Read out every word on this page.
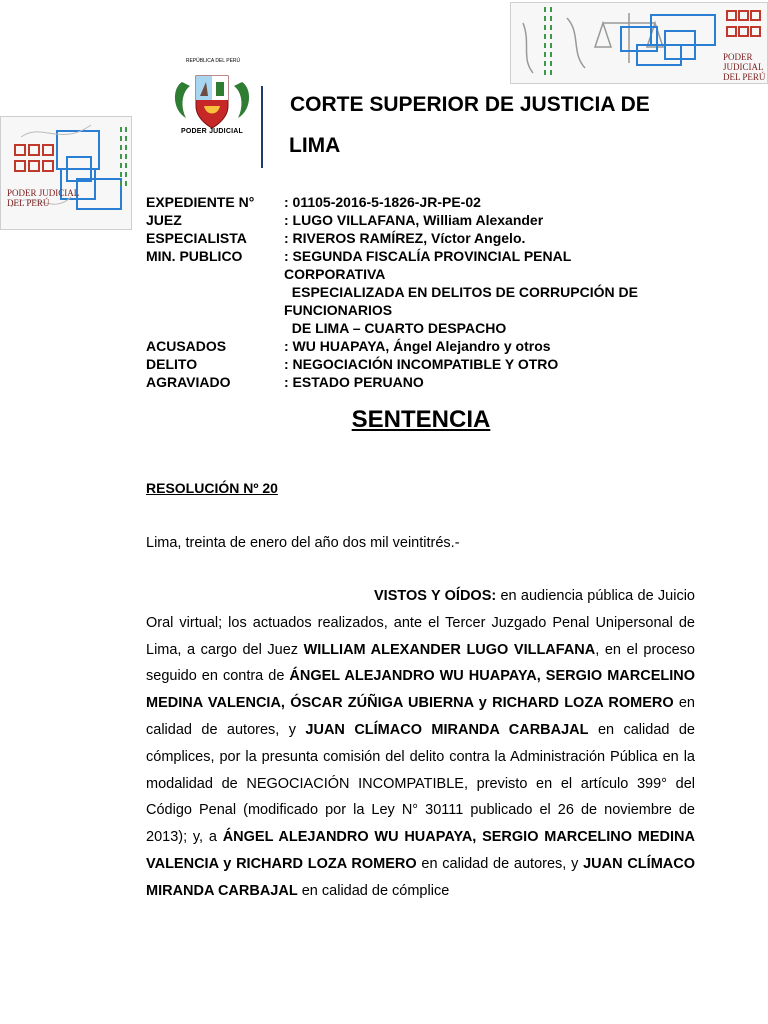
PODER JUDICIAL
DEL PERÚ
PODER JUDICIAL
DEL PERÚ
REPÚBLICA DEL PERÚ
PODER JUDICIAL
CORTE SUPERIOR DE JUSTICIA DE
LIMA
EXPEDIENTE N°	: 01105-2016-5-1826-JR-PE-02
JUEZ	: LUGO VILLAFANA, William Alexander
ESPECIALISTA	: RIVEROS RAMÍREZ, Víctor Angelo.
MIN. PUBLICO	: SEGUNDA FISCALÍA PROVINCIAL PENAL
CORPORATIVA
ESPECIALIZADA EN DELITOS DE CORRUPCIÓN DE
FUNCIONARIOS
DE LIMA – CUARTO DESPACHO
ACUSADOS	: WU HUAPAYA, Ángel Alejandro y otros
DELITO	: NEGOCIACIÓN INCOMPATIBLE Y OTRO
AGRAVIADO	: ESTADO PERUANO
SENTENCIA
RESOLUCIÓN Nº 20
Lima, treinta de enero del año dos mil veintitrés.-

VISTOS Y OÍDOS: en audiencia pública de Juicio Oral virtual; los actuados realizados, ante el Tercer Juzgado Penal Unipersonal de Lima, a cargo del Juez WILLIAM ALEXANDER LUGO VILLAFANA, en el proceso seguido en contra de ÁNGEL ALEJANDRO WU HUAPAYA, SERGIO MARCELINO MEDINA VALENCIA, ÓSCAR ZÚÑIGA UBIERNA y RICHARD LOZA ROMERO en calidad de autores, y JUAN CLÍMACO MIRANDA CARBAJAL en calidad de cómplices, por la presunta comisión del delito contra la Administración Pública en la modalidad de NEGOCIACIÓN INCOMPATIBLE, previsto en el artículo 399° del Código Penal (modificado por la Ley N° 30111 publicado el 26 de noviembre de 2013); y, a ÁNGEL ALEJANDRO WU HUAPAYA, SERGIO MARCELINO MEDINA VALENCIA y RICHARD LOZA ROMERO en calidad de autores, y JUAN CLÍMACO MIRANDA CARBAJAL en calidad de cómplice
